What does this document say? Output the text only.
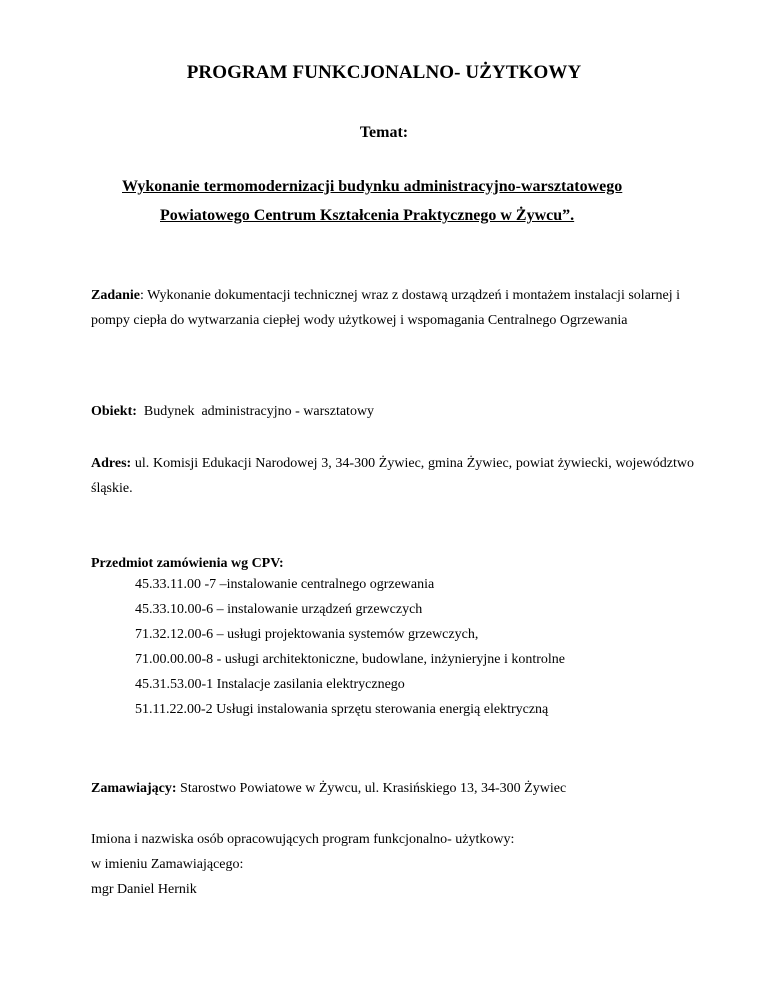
PROGRAM FUNKCJONALNO- UŻYTKOWY
Temat:
Wykonanie termomodernizacji budynku administracyjno-warsztatowego
Powiatowego Centrum Kształcenia Praktycznego w Żywcu”.
Zadanie: Wykonanie dokumentacji technicznej wraz z dostawą urządzeń i montażem instalacji solarnej i pompy ciepła do wytwarzania ciepłej wody użytkowej i wspomagania Centralnego Ogrzewania
Obiekt:  Budynek  administracyjno - warsztatowy
Adres: ul. Komisji Edukacji Narodowej 3, 34-300 Żywiec, gmina Żywiec, powiat żywiecki, województwo śląskie.
Przedmiot zamówienia wg CPV:
45.33.11.00 -7 –instalowanie centralnego ogrzewania
45.33.10.00-6 – instalowanie urządzeń grzewczych
71.32.12.00-6 – usługi projektowania systemów grzewczych,
71.00.00.00-8 - usługi architektoniczne, budowlane, inżynieryjne i kontrolne
45.31.53.00-1 Instalacje zasilania elektrycznego
51.11.22.00-2 Usługi instalowania sprzętu sterowania energią elektryczną
Zamawiający: Starostwo Powiatowe w Żywcu, ul. Krasińskiego 13, 34-300 Żywiec
Imiona i nazwiska osób opracowujących program funkcjonalno- użytkowy:
w imieniu Zamawiającego:
mgr Daniel Hernik
